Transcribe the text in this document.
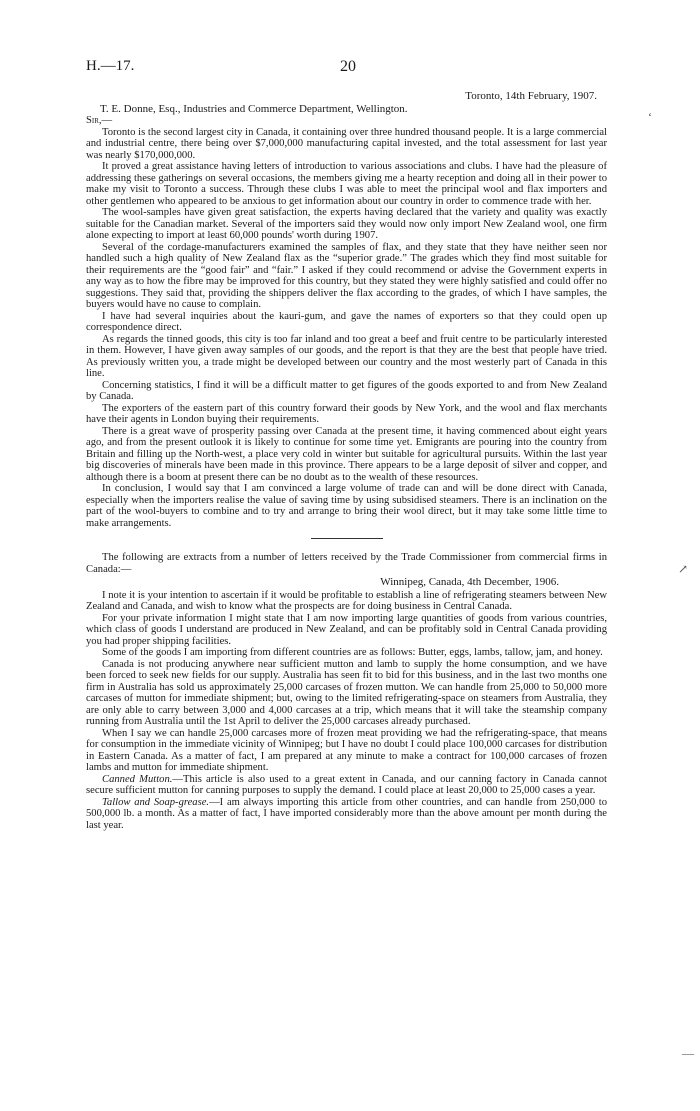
H.—17.	20
‘
↗
—

Toronto, 14th February, 1907.

T. E. Donne, Esq., Industries and Commerce Department, Wellington.

Sir,—

Toronto is the second largest city in Canada, it containing over three hundred thousand people. It is a large commercial and industrial centre, there being over $7,000,000 manufacturing capital invested, and the total assessment for last year was nearly $170,000,000.

It proved a great assistance having letters of introduction to various associations and clubs. I have had the pleasure of addressing these gatherings on several occasions, the members giving me a hearty reception and doing all in their power to make my visit to Toronto a success. Through these clubs I was able to meet the principal wool and flax importers and other gentlemen who appeared to be anxious to get information about our country in order to commence trade with her.

The wool-samples have given great satisfaction, the experts having declared that the variety and quality was exactly suitable for the Canadian market. Several of the importers said they would now only import New Zealand wool, one firm alone expecting to import at least 60,000 pounds' worth during 1907.

Several of the cordage-manufacturers examined the samples of flax, and they state that they have neither seen nor handled such a high quality of New Zealand flax as the “superior grade.” The grades which they find most suitable for their requirements are the “good fair” and “fair.” I asked if they could recommend or advise the Government experts in any way as to how the fibre may be improved for this country, but they stated they were highly satisfied and could offer no suggestions. They said that, providing the shippers deliver the flax according to the grades, of which I have samples, the buyers would have no cause to complain.

I have had several inquiries about the kauri-gum, and gave the names of exporters so that they could open up correspondence direct.

As regards the tinned goods, this city is too far inland and too great a beef and fruit centre to be particularly interested in them. However, I have given away samples of our goods, and the report is that they are the best that people have tried. As previously written you, a trade might be developed between our country and the most westerly part of Canada in this line.

Concerning statistics, I find it will be a difficult matter to get figures of the goods exported to and from New Zealand by Canada.

The exporters of the eastern part of this country forward their goods by New York, and the wool and flax merchants have their agents in London buying their requirements.

There is a great wave of prosperity passing over Canada at the present time, it having commenced about eight years ago, and from the present outlook it is likely to continue for some time yet. Emigrants are pouring into the country from Britain and filling up the North-west, a place very cold in winter but suitable for agricultural pursuits. Within the last year big discoveries of minerals have been made in this province. There appears to be a large deposit of silver and copper, and although there is a boom at present there can be no doubt as to the wealth of these resources.

In conclusion, I would say that I am convinced a large volume of trade can and will be done direct with Canada, especially when the importers realise the value of saving time by using subsidised steamers. There is an inclination on the part of the wool-buyers to combine and to try and arrange to bring their wool direct, but it may take some little time to make arrangements.

The following are extracts from a number of letters received by the Trade Commissioner from commercial firms in Canada:—

Winnipeg, Canada, 4th December, 1906.

I note it is your intention to ascertain if it would be profitable to establish a line of refrigerating steamers between New Zealand and Canada, and wish to know what the prospects are for doing business in Central Canada.

For your private information I might state that I am now importing large quantities of goods from various countries, which class of goods I understand are produced in New Zealand, and can be profitably sold in Central Canada providing you had proper shipping facilities.

Some of the goods I am importing from different countries are as follows: Butter, eggs, lambs, tallow, jam, and honey.

Canada is not producing anywhere near sufficient mutton and lamb to supply the home consumption, and we have been forced to seek new fields for our supply. Australia has seen fit to bid for this business, and in the last two months one firm in Australia has sold us approximately 25,000 carcases of frozen mutton. We can handle from 25,000 to 50,000 more carcases of mutton for immediate shipment; but, owing to the limited refrigerating-space on steamers from Australia, they are only able to carry between 3,000 and 4,000 carcases at a trip, which means that it will take the steamship company running from Australia until the 1st April to deliver the 25,000 carcases already purchased.

When I say we can handle 25,000 carcases more of frozen meat providing we had the refrigerating-space, that means for consumption in the immediate vicinity of Winnipeg; but I have no doubt I could place 100,000 carcases for distribution in Eastern Canada. As a matter of fact, I am prepared at any minute to make a contract for 100,000 carcases of frozen lambs and mutton for immediate shipment.

Canned Mutton.—This article is also used to a great extent in Canada, and our canning factory in Canada cannot secure sufficient mutton for canning purposes to supply the demand. I could place at least 20,000 to 25,000 cases a year.

Tallow and Soap-grease.—I am always importing this article from other countries, and can handle from 250,000 to 500,000 lb. a month. As a matter of fact, I have imported considerably more than the above amount per month during the last year.
